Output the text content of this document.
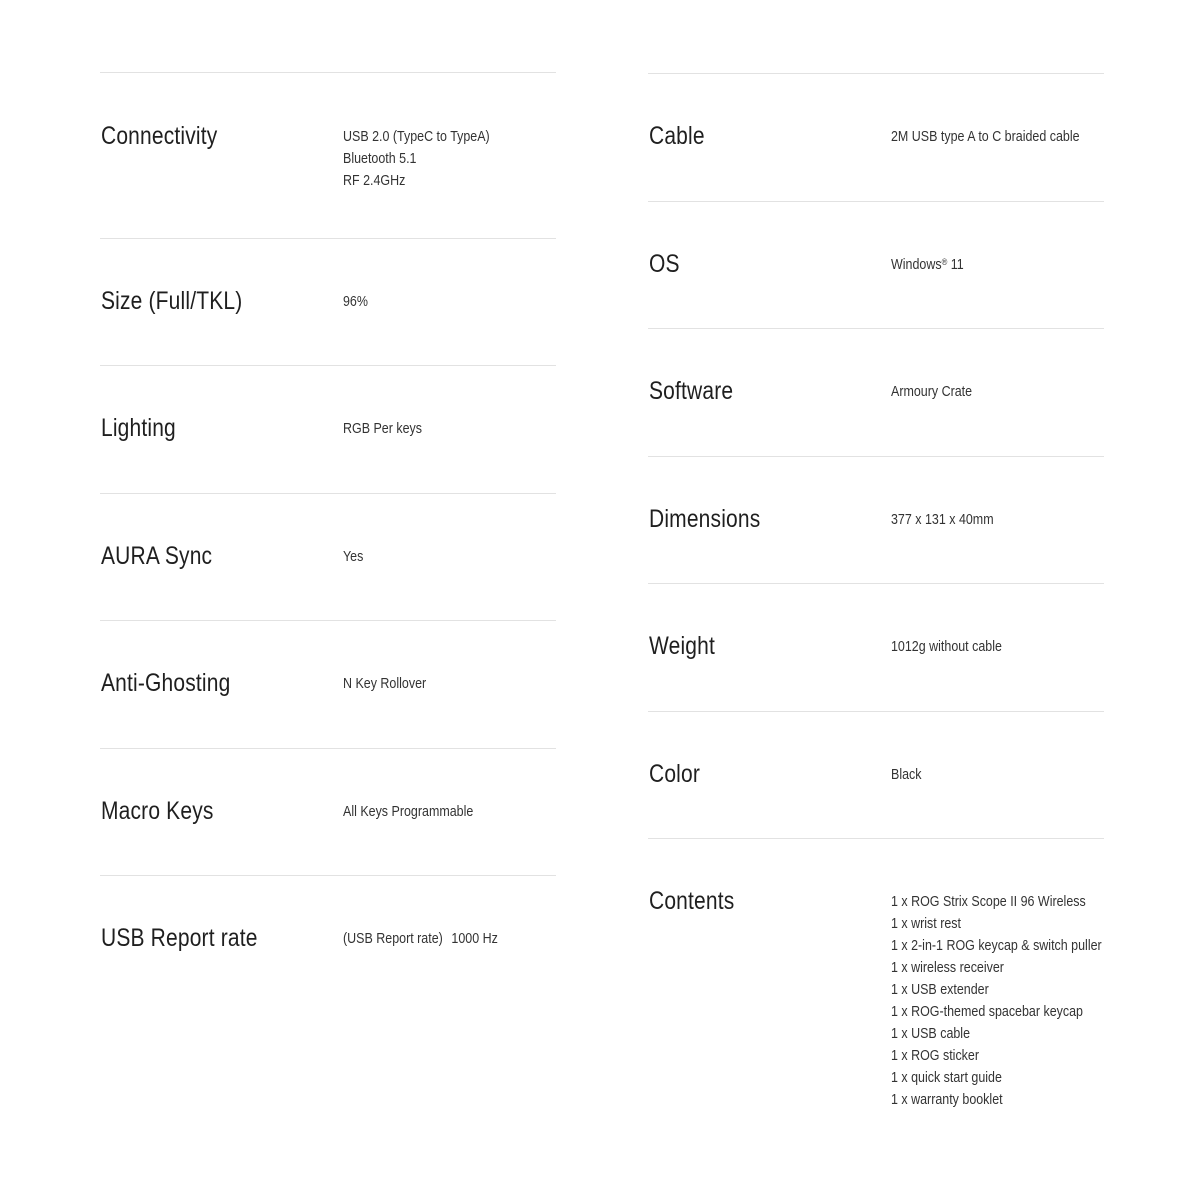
Connectivity	USB 2.0 (TypeC to TypeA)
Bluetooth 5.1
RF 2.4GHz
Size (Full/TKL)	96%
Lighting	RGB Per keys
AURA Sync	Yes
Anti-Ghosting	N Key Rollover
Macro Keys	All Keys Programmable
USB Report rate	(USB Report rate) 1000 Hz
Cable	2M USB type A to C braided cable
OS	Windows® 11
Software	Armoury Crate
Dimensions	377 x 131 x 40mm
Weight	1012g without cable
Color	Black
Contents	1 x ROG Strix Scope II 96 Wireless
1 x wrist rest
1 x 2-in-1 ROG keycap & switch puller
1 x wireless receiver
1 x USB extender
1 x ROG-themed spacebar keycap
1 x USB cable
1 x ROG sticker
1 x quick start guide
1 x warranty booklet
